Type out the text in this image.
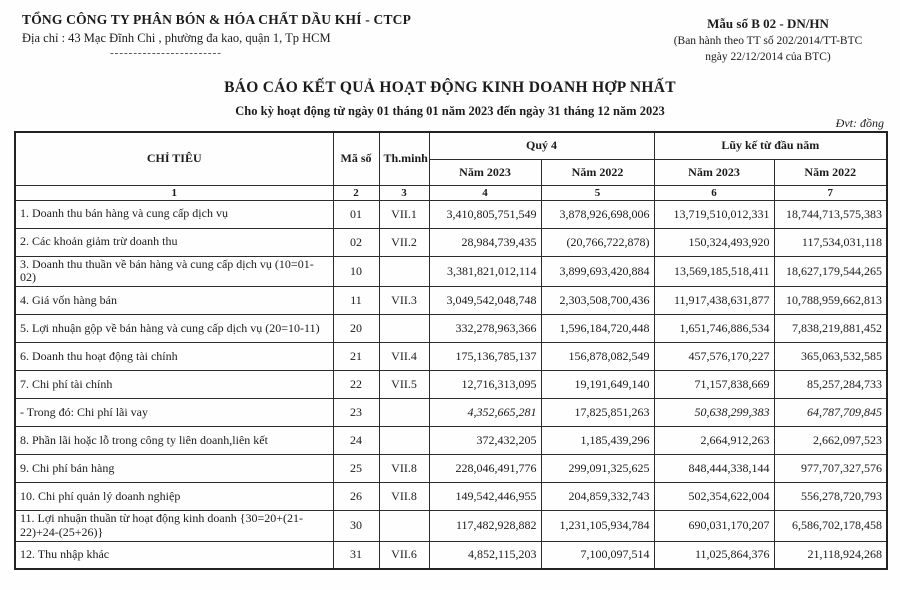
TỔNG CÔNG TY PHÂN BÓN & HÓA CHẤT DẦU KHÍ - CTCP
Địa chỉ : 43 Mạc Đĩnh Chi , phường đa kao, quận 1, Tp HCM
------------------------
Mẫu số B 02 - DN/HN
(Ban hành theo TT số 202/2014/TT-BTC
ngày 22/12/2014 của BTC)
BÁO CÁO KẾT QUẢ HOẠT ĐỘNG KINH DOANH HỢP NHẤT
Cho kỳ hoạt động từ ngày 01 tháng 01 năm 2023 đến ngày 31 tháng 12 năm 2023
Đvt: đồng
CHỈ TIÊU	Mã số	Th.minh	Quý 4		Lũy kế từ đầu năm	
			Năm 2023	Năm 2022	Năm 2023	Năm 2022
1	2	3	4	5	6	7
1. Doanh thu bán hàng và cung cấp dịch vụ	01	VII.1	3,410,805,751,549	3,878,926,698,006	13,719,510,012,331	18,744,713,575,383
2. Các khoản giảm trừ doanh thu	02	VII.2	28,984,739,435	(20,766,722,878)	150,324,493,920	117,534,031,118
3. Doanh thu thuần về bán hàng và cung cấp dịch vụ (10=01-02)	10		3,381,821,012,114	3,899,693,420,884	13,569,185,518,411	18,627,179,544,265
4. Giá vốn hàng bán	11	VII.3	3,049,542,048,748	2,303,508,700,436	11,917,438,631,877	10,788,959,662,813
5. Lợi nhuận gộp về bán hàng và cung cấp dịch vụ (20=10-11)	20		332,278,963,366	1,596,184,720,448	1,651,746,886,534	7,838,219,881,452
6. Doanh thu hoạt động tài chính	21	VII.4	175,136,785,137	156,878,082,549	457,576,170,227	365,063,532,585
7. Chi phí tài chính	22	VII.5	12,716,313,095	19,191,649,140	71,157,838,669	85,257,284,733
- Trong đó: Chi phí lãi vay	23		4,352,665,281	17,825,851,263	50,638,299,383	64,787,709,845
8. Phần lãi hoặc lỗ trong công ty liên doanh,liên kết	24		372,432,205	1,185,439,296	2,664,912,263	2,662,097,523
9. Chi phí bán hàng	25	VII.8	228,046,491,776	299,091,325,625	848,444,338,144	977,707,327,576
10. Chi phí quản lý doanh nghiệp	26	VII.8	149,542,446,955	204,859,332,743	502,354,622,004	556,278,720,793
11. Lợi nhuận thuần từ hoạt động kinh doanh {30=20+(21-22)+24-(25+26)}	30		117,482,928,882	1,231,105,934,784	690,031,170,207	6,586,702,178,458
12. Thu nhập khác	31	VII.6	4,852,115,203	7,100,097,514	11,025,864,376	21,118,924,268
